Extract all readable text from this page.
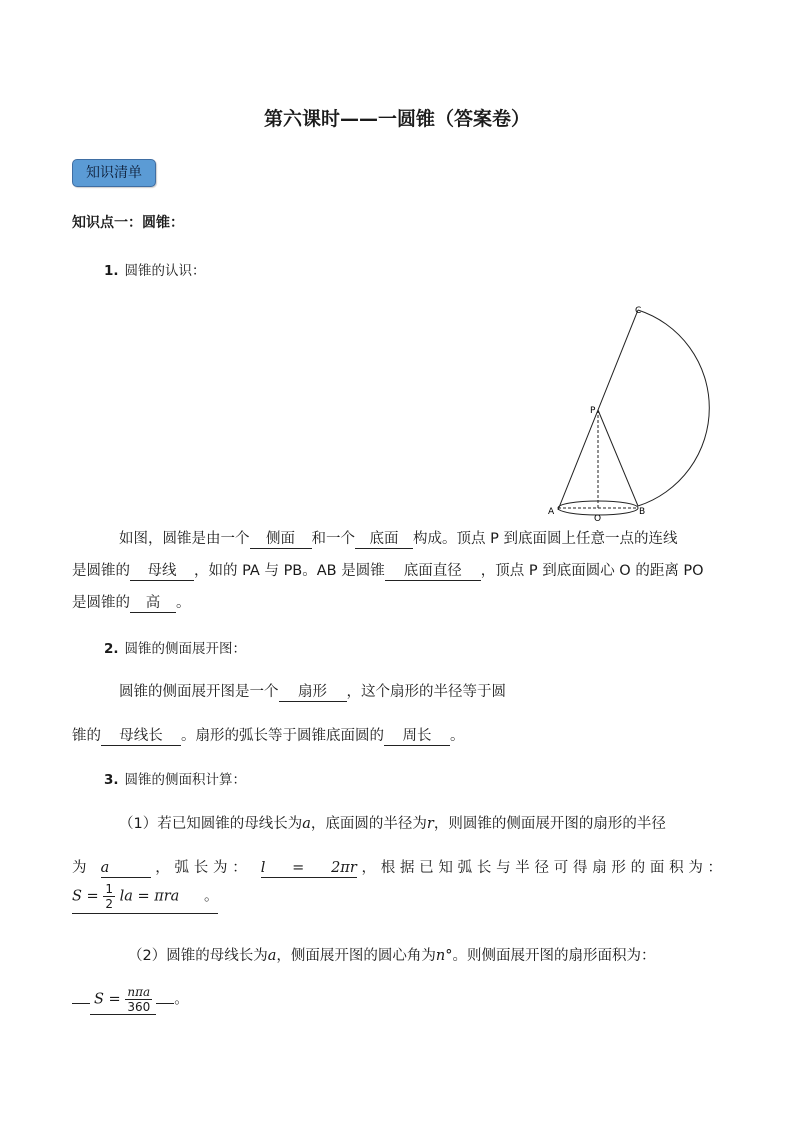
第六课时——一圆锥（答案卷）
知识清单
知识点一：圆锥：
1. 圆锥的认识：
C
P
A	B
O
如图，圆锥是由一个 侧面 和一个 底面 构成。顶点 P 到底面圆上任意一点的连线
是圆锥的 母线 ，如的 PA 与 PB。AB 是圆锥 底面直径 ，顶点 P 到底面圆心 O 的距离 PO
是圆锥的 高 。
2. 圆锥的侧面展开图：
圆锥的侧面展开图是一个 扇形 ，这个扇形的半径等于圆
锥的 母线长 。扇形的弧长等于圆锥底面圆的 周长 。
3. 圆锥的侧面积计算：
（1）若已知圆锥的母线长为a，底面圆的半径为r，则圆锥的侧面展开图的扇形的半径
为 a	，弧长为： l = 2πr，根据已知弧长与半径可得扇形的面积为：
$S = \frac{1}{2}$ la = πra 。
（2）圆锥的母线长为a，侧面展开图的圆心角为n°。则侧面展开图的扇形面积为：
$S = \frac{\text{nπa}}{360}$ 。
